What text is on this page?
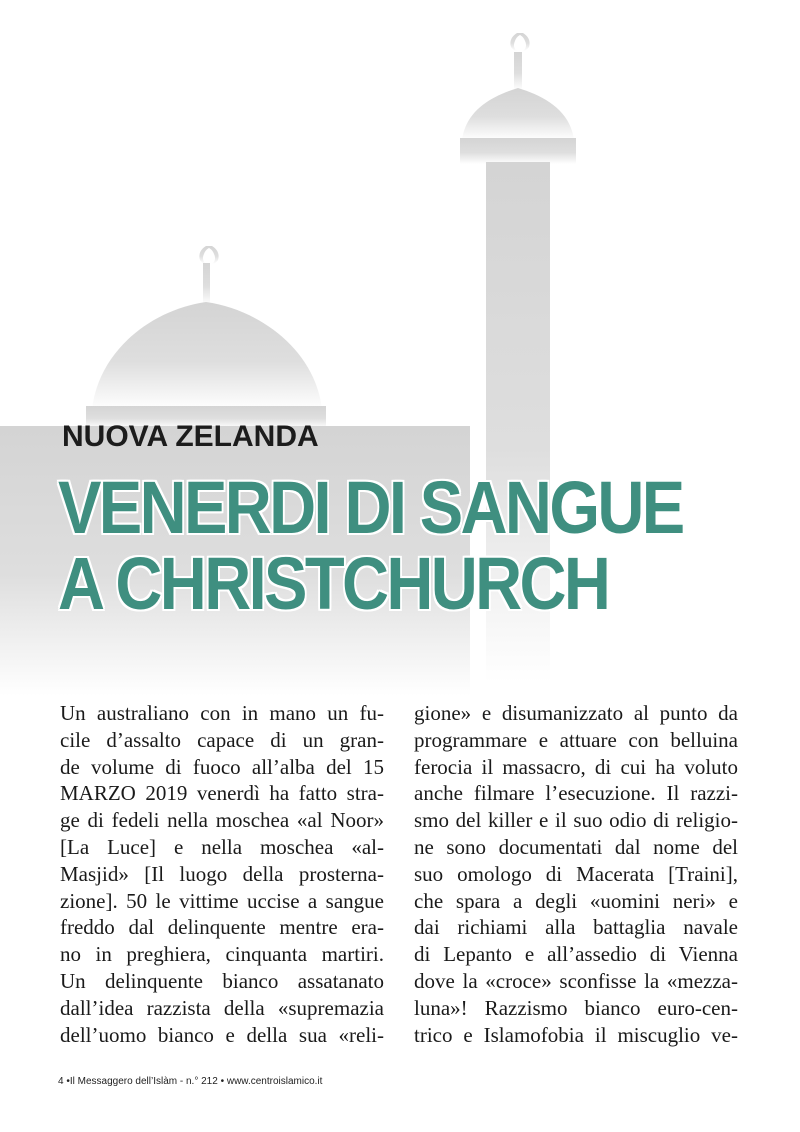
NUOVA ZELANDA

VENERDI DI SANGUE
A CHRISTCHURCH
Un australiano con in mano un fu-
cile d’assalto capace di un gran-
de volume di fuoco all’alba del 15
MARZO 2019 venerdì ha fatto stra-
ge di fedeli nella moschea «al Noor»
[La Luce] e nella moschea «al-
Masjid» [Il luogo della prosterna-
zione]. 50 le vittime uccise a sangue
freddo dal delinquente mentre era-
no in preghiera, cinquanta martiri.
Un delinquente bianco assatanato
dall’idea razzista della «supremazia
dell’uomo bianco e della sua «reli-
gione» e disumanizzato al punto da
programmare e attuare con belluina
ferocia il massacro, di cui ha voluto
anche filmare l’esecuzione. Il razzi-
smo del killer e il suo odio di religio-
ne sono documentati dal nome del
suo omologo di Macerata [Traini],
che spara a degli «uomini neri» e
dai richiami alla battaglia navale
di Lepanto e all’assedio di Vienna
dove la «croce» sconfisse la «mezza-
luna»! Razzismo bianco euro-cen-
trico e Islamofobia il miscuglio ve-

4 •Il Messaggero dell’Islàm - n.° 212 • www.centroislamico.it
